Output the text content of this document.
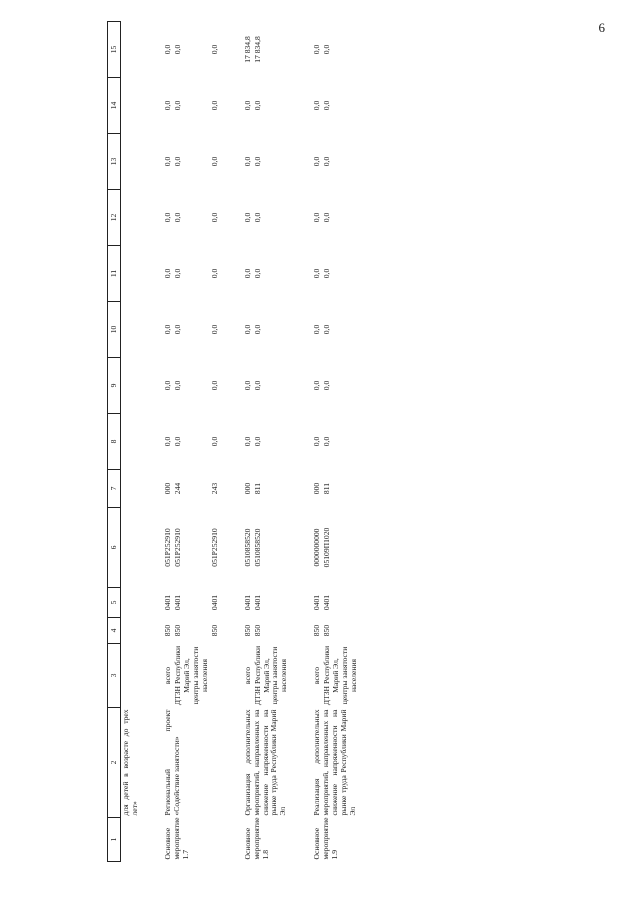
6
1	2	3	4	5	6	7	8	9	10	11	12	13	14	15
	для детей в возрасте до трех лет»													

Основное мероприятие 1.7	Региональный проект «Содействие занятости»	всего	850	0401	051P252910	000	0,0	0,0	0,0	0,0	0,0	0,0	0,0	0,0
		ДТЗН Республики Марий Эл, центры занятости населения	850	0401	051P252910	244	0,0	0,0	0,0	0,0	0,0	0,0	0,0	0,0
			850	0401	051P252910	243	0,0	0,0	0,0	0,0	0,0	0,0	0,0	0,0

Основное мероприятие 1.8	Организация дополнительных мероприятий, направленных на снижение напряженности на рынке труда Республики Марий Эл	всего	850	0401	0510858520	000	0,0	0,0	0,0	0,0	0,0	0,0	0,0	17 834,8
		ДТЗН Республики Марий Эл, центры занятости населения	850	0401	0510858520	811	0,0	0,0	0,0	0,0	0,0	0,0	0,0	17 834,8

Основное мероприятие 1.9	Реализация дополнительных мероприятий, направленных на снижение напряженности на рынке труда Республики Марий Эл	всего	850	0401	0000000000	000	0,0	0,0	0,0	0,0	0,0	0,0	0,0	0,0
		ДТЗН Республики Марий Эл, центры занятости населения	850	0401	05109П1020	811	0,0	0,0	0,0	0,0	0,0	0,0	0,0	0,0
